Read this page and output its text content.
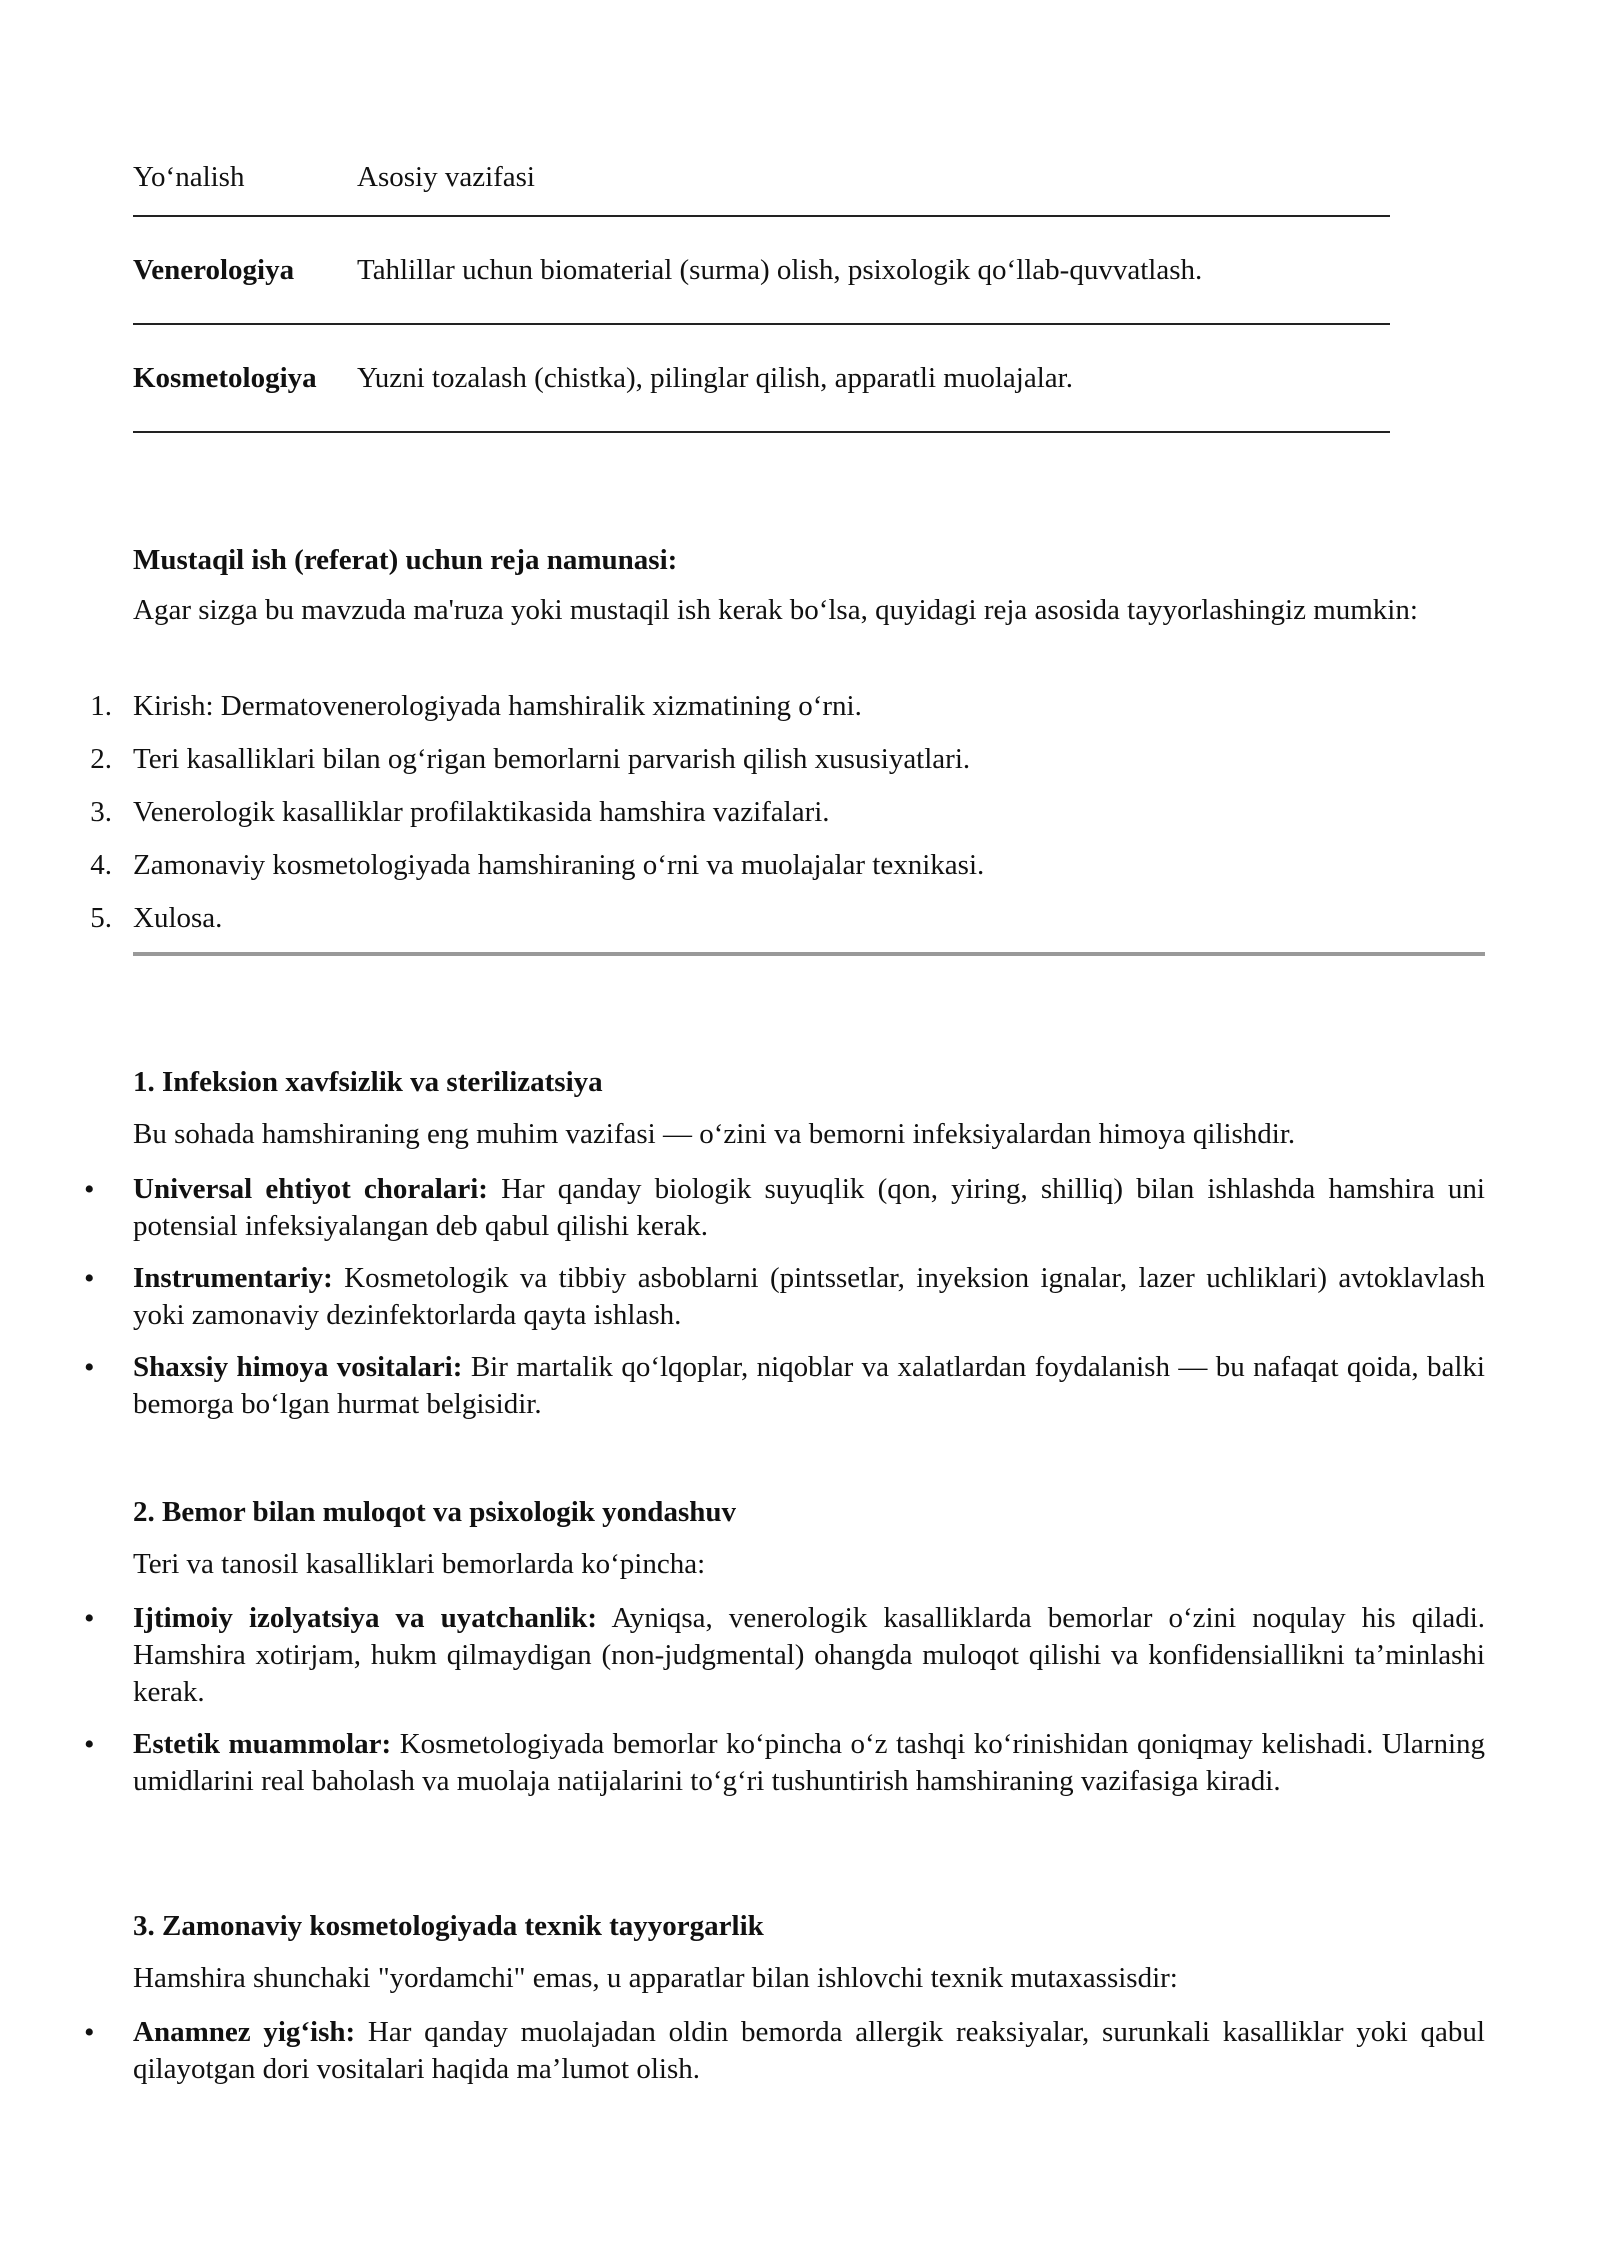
Yo‘nalish	Asosiy vazifasi
Venerologiya	Tahlillar uchun biomaterial (surma) olish, psixologik qo‘llab-quvvatlash.
Kosmetologiya	Yuzni tozalash (chistka), pilinglar qilish, apparatli muolajalar.

Mustaqil ish (referat) uchun reja namunasi:

Agar sizga bu mavzuda ma'ruza yoki mustaqil ish kerak bo‘lsa, quyidagi reja asosida tayyorlashingiz mumkin:

1. Kirish: Dermatovenerologiyada hamshiralik xizmatining o‘rni.
2. Teri kasalliklari bilan og‘rigan bemorlarni parvarish qilish xususiyatlari.
3. Venerologik kasalliklar profilaktikasida hamshira vazifalari.
4. Zamonaviy kosmetologiyada hamshiraning o‘rni va muolajalar texnikasi.
5. Xulosa.

1. Infeksion xavfsizlik va sterilizatsiya

Bu sohada hamshiraning eng muhim vazifasi — o‘zini va bemorni infeksiyalardan himoya qilishdir.

• Universal ehtiyot choralari: Har qanday biologik suyuqlik (qon, yiring, shilliq) bilan ishlashda hamshira uni potensial infeksiyalangan deb qabul qilishi kerak.
• Instrumentariy: Kosmetologik va tibbiy asboblarni (pintssetlar, inyeksion ignalar, lazer uchliklari) avtoklavlash yoki zamonaviy dezinfektorlarda qayta ishlash.
• Shaxsiy himoya vositalari: Bir martalik qo‘lqoplar, niqoblar va xalatlardan foydalanish — bu nafaqat qoida, balki bemorga bo‘lgan hurmat belgisidir.

2. Bemor bilan muloqot va psixologik yondashuv

Teri va tanosil kasalliklari bemorlarda ko‘pincha:

• Ijtimoiy izolyatsiya va uyatchanlik: Ayniqsa, venerologik kasalliklarda bemorlar o‘zini noqulay his qiladi. Hamshira xotirjam, hukm qilmaydigan (non-judgmental) ohangda muloqot qilishi va konfidensiallikni ta’minlashi kerak.
• Estetik muammolar: Kosmetologiyada bemorlar ko‘pincha o‘z tashqi ko‘rinishidan qoniqmay kelishadi. Ularning umidlarini real baholash va muolaja natijalarini to‘g‘ri tushuntirish hamshiraning vazifasiga kiradi.

3. Zamonaviy kosmetologiyada texnik tayyorgarlik

Hamshira shunchaki "yordamchi" emas, u apparatlar bilan ishlovchi texnik mutaxassisdir:

• Anamnez yig‘ish: Har qanday muolajadan oldin bemorda allergik reaksiyalar, surunkali kasalliklar yoki qabul qilayotgan dori vositalari haqida ma’lumot olish.
